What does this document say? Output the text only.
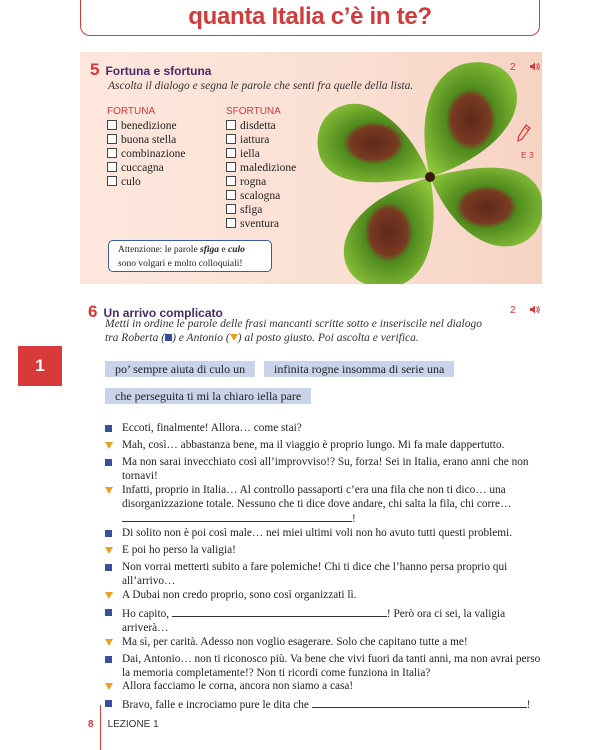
quanta Italia c’è in te?
1
5 Fortuna e sfortuna	2
Ascolta il dialogo e segna le parole che senti fra quelle della lista.
FORTUNA
benedizione
buona stella
combinazione
cuccagna
culo
SFORTUNA
disdetta
iattura
iella
maledizione
rogna
scalogna
sfiga
sventura
Attenzione: le parole sfiga e culo sono volgari e molto colloquiali!
E 3
6 Un arrivo complicato	2
Metti in ordine le parole delle frasi mancanti scritte sotto e inseriscile nel dialogo
tra Roberta ( ) e Antonio ( ) al posto giusto. Poi ascolta e verifica.
po’ sempre aiuta di culo un	infinita rogne insomma di serie una
che perseguita ti mi la chiaro iella pare
Eccoti, finalmente! Allora… come stai?
Mah, così… abbastanza bene, ma il viaggio è proprio lungo. Mi fa male dappertutto.
Ma non sarai invecchiato così all’improvviso!? Su, forza! Sei in Italia, erano anni che non tornavi!
Infatti, proprio in Italia… Al controllo passaporti c’era una fila che non ti dico… una disorganizzazione totale. Nessuno che ti dice dove andare, chi salta la fila, chi corre…
!
Di solito non è poi così male… nei miei ultimi voli non ho avuto tutti questi problemi.
E poi ho perso la valigia!
Non vorrai metterti subito a fare polemiche! Chi ti dice che l’hanno persa proprio qui all’arrivo…
A Dubai non credo proprio, sono così organizzati lì.
Ho capito,	! Però ora ci sei, la valigia arriverà…
Ma sì, per carità. Adesso non voglio esagerare. Solo che capitano tutte a me!
Dai, Antonio… non ti riconosco più. Va bene che vivi fuori da tanti anni, ma non avrai perso la memoria completamente!? Non ti ricordi come funziona in Italia?
Allora facciamo le corna, ancora non siamo a casa!
Bravo, falle e incrociamo pure le dita che	!
8 LEZIONE 1
